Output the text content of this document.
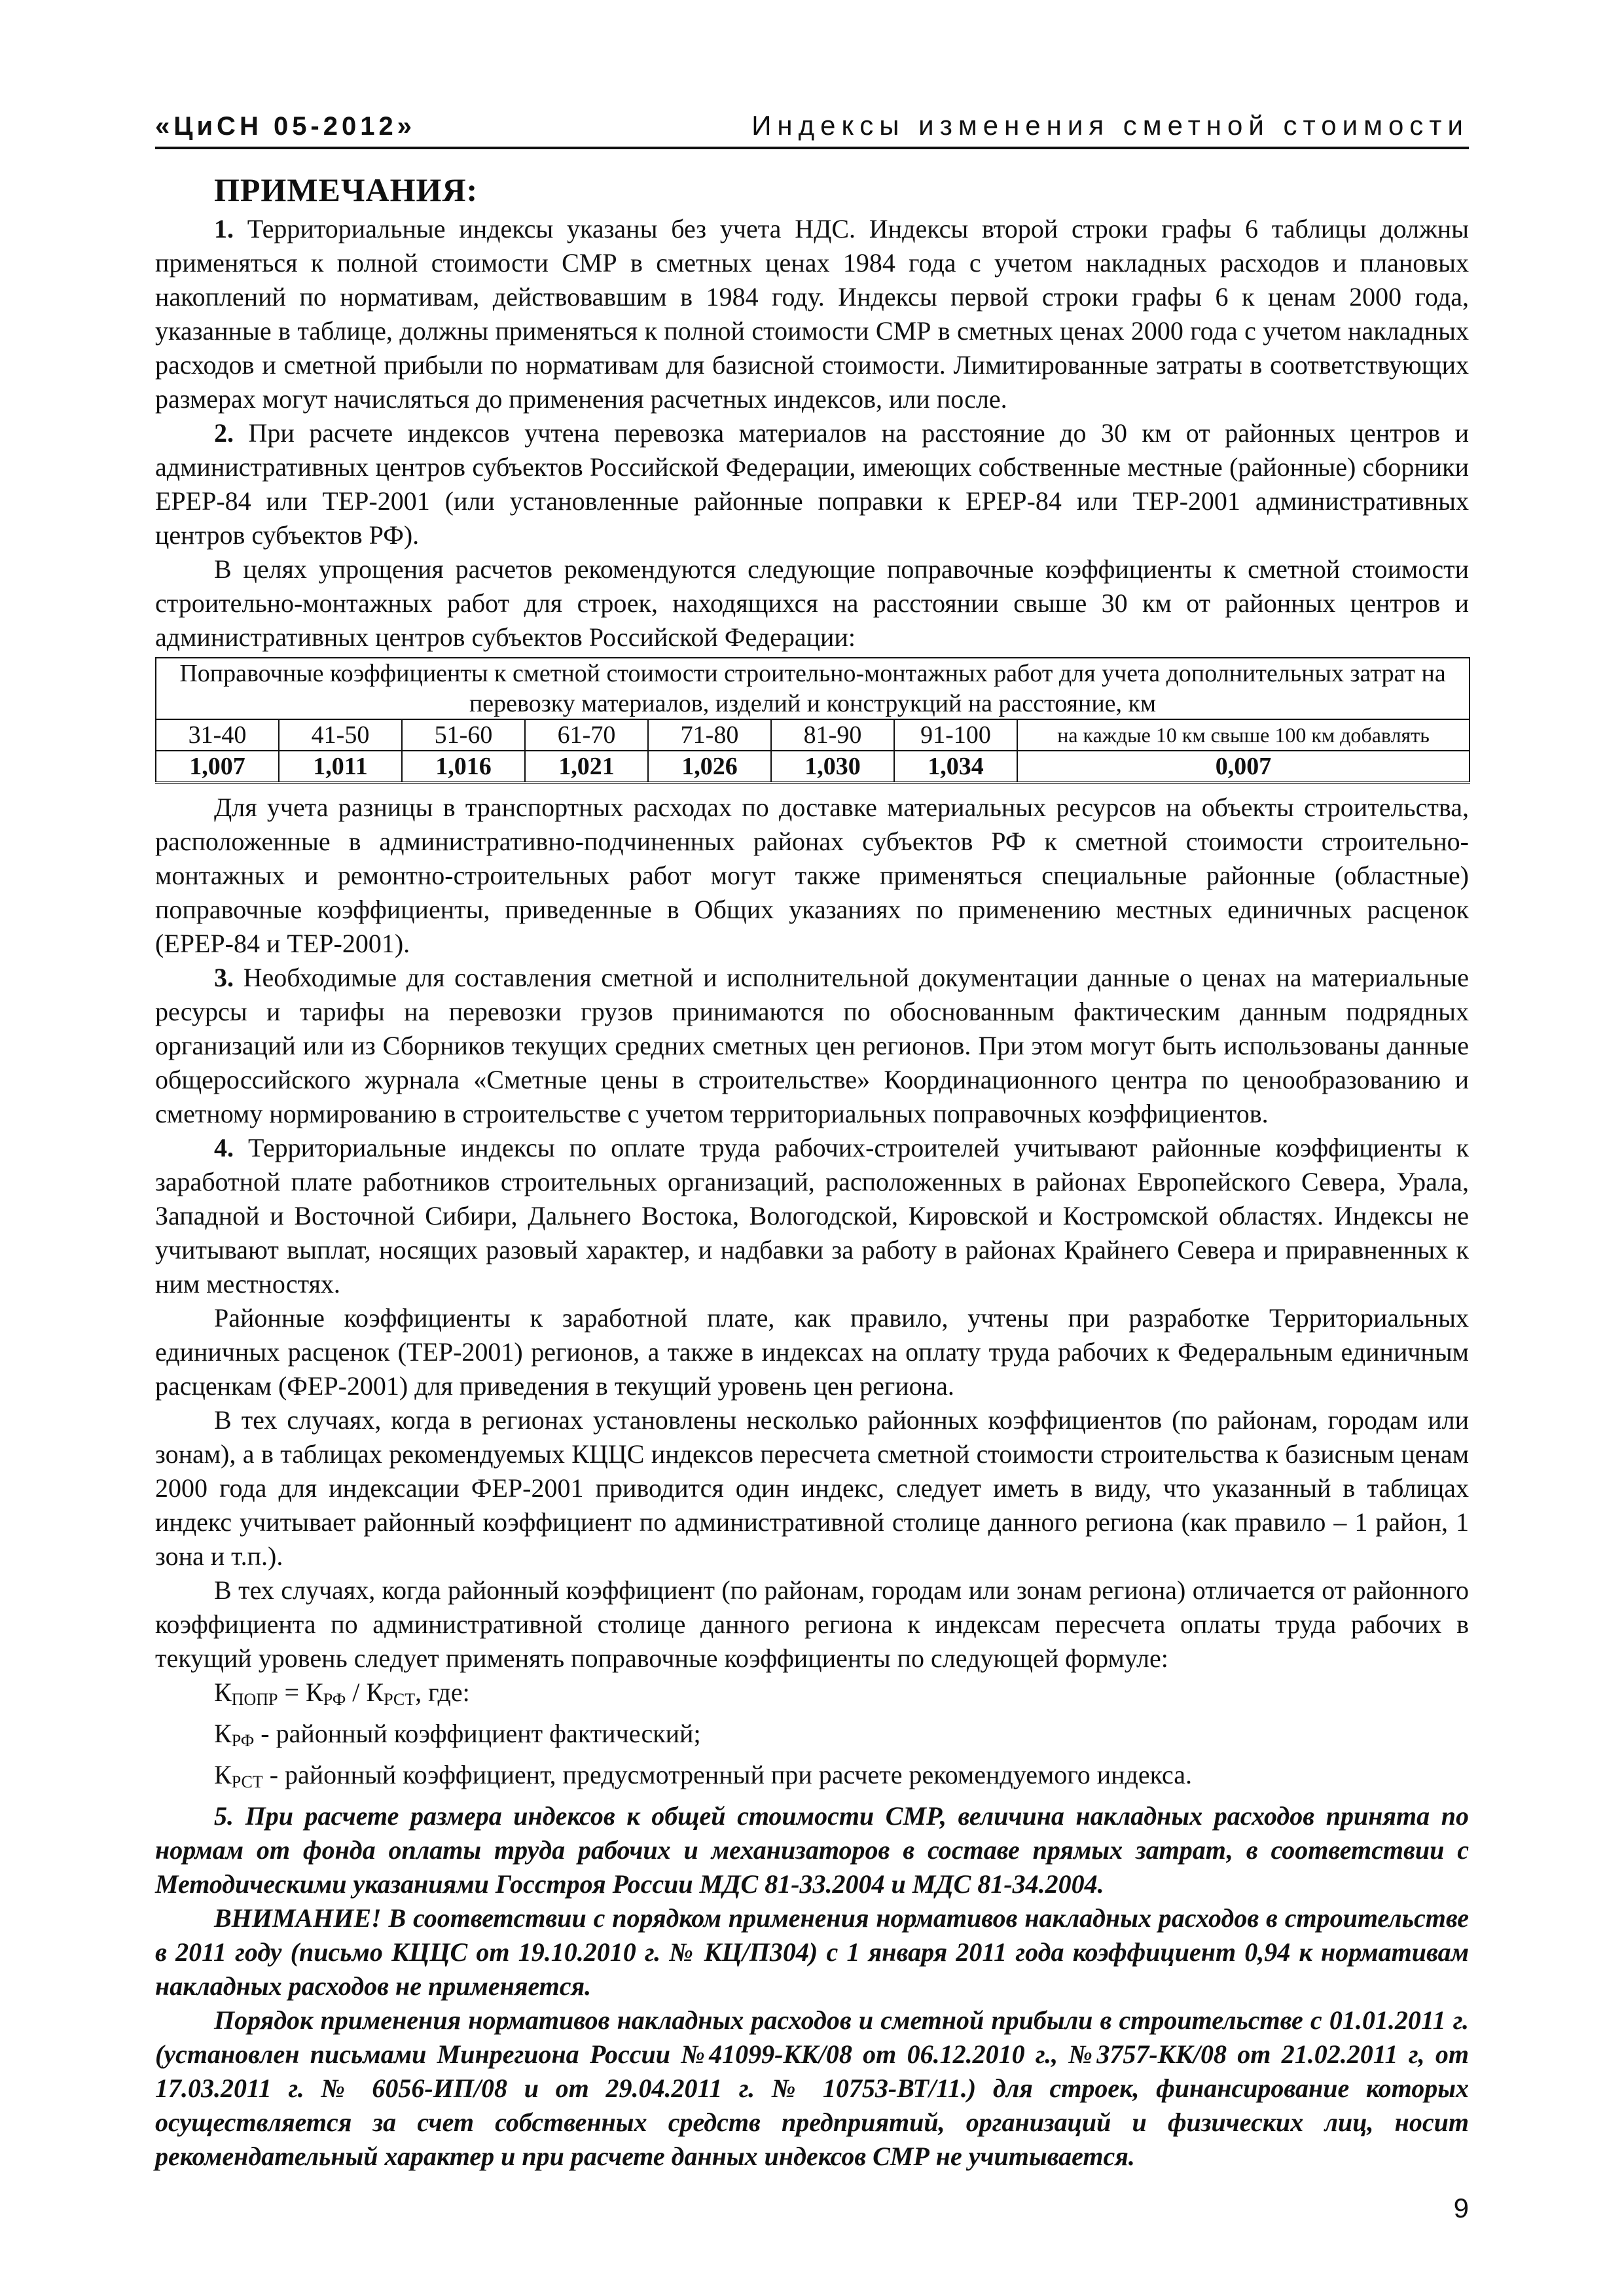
«ЦиСН 05-2012»	Индексы изменения сметной стоимости
ПРИМЕЧАНИЯ:

1. Территориальные индексы указаны без учета НДС. Индексы второй строки графы 6 таблицы должны применяться к полной стоимости СМР в сметных ценах 1984 года с учетом накладных расходов и плановых накоплений по нормативам, действовавшим в 1984 году. Индексы первой строки графы 6 к ценам 2000 года, указанные в таблице, должны применяться к полной стоимости СМР в сметных ценах 2000 года с учетом накладных расходов и сметной прибыли по нормативам для базисной стоимости. Лимитированные затраты в соответствующих размерах могут начисляться до применения расчетных индексов, или после.

2. При расчете индексов учтена перевозка материалов на расстояние до 30 км от районных центров и административных центров субъектов Российской Федерации, имеющих собственные местные (районные) сборники ЕРЕР-84 или ТЕР-2001 (или установленные районные поправки к ЕРЕР-84 или ТЕР-2001 административных центров субъектов РФ).

В целях упрощения расчетов рекомендуются следующие поправочные коэффициенты к сметной стоимости строительно-монтажных работ для строек, находящихся на расстоянии свыше 30 км от районных центров и административных центров субъектов Российской Федерации:

Поправочные коэффициенты к сметной стоимости строительно-монтажных работ для учета дополнительных затрат на перевозку материалов, изделий и конструкций на расстояние, км							
31-40	41-50	51-60	61-70	71-80	81-90	91-100	на каждые 10 км свыше 100 км добавлять
1,007	1,011	1,016	1,021	1,026	1,030	1,034	0,007

Для учета разницы в транспортных расходах по доставке материальных ресурсов на объекты строительства, расположенные в административно-подчиненных районах субъектов РФ к сметной стоимости строительно-монтажных и ремонтно-строительных работ могут также применяться специальные районные (областные) поправочные коэффициенты, приведенные в Общих указаниях по применению местных единичных расценок (ЕРЕР-84 и ТЕР-2001).

3. Необходимые для составления сметной и исполнительной документации данные о ценах на материальные ресурсы и тарифы на перевозки грузов принимаются по обоснованным фактическим данным подрядных организаций или из Сборников текущих средних сметных цен регионов. При этом могут быть использованы данные общероссийского журнала «Сметные цены в строительстве» Координационного центра по ценообразованию и сметному нормированию в строительстве с учетом территориальных поправочных коэффициентов.

4. Территориальные индексы по оплате труда рабочих-строителей учитывают районные коэффициенты к заработной плате работников строительных организаций, расположенных в районах Европейского Севера, Урала, Западной и Восточной Сибири, Дальнего Востока, Вологодской, Кировской и Костромской областях. Индексы не учитывают выплат, носящих разовый характер, и надбавки за работу в районах Крайнего Севера и приравненных к ним местностях.

Районные коэффициенты к заработной плате, как правило, учтены при разработке Территориальных единичных расценок (ТЕР-2001) регионов, а также в индексах на оплату труда рабочих к Федеральным единичным расценкам (ФЕР-2001) для приведения в текущий уровень цен региона.

В тех случаях, когда в регионах установлены несколько районных коэффициентов (по районам, городам или зонам), а в таблицах рекомендуемых КЦЦС индексов пересчета сметной стоимости строительства к базисным ценам 2000 года для индексации ФЕР-2001 приводится один индекс, следует иметь в виду, что указанный в таблицах индекс учитывает районный коэффициент по административной столице данного региона (как правило – 1 район, 1 зона и т.п.).

В тех случаях, когда районный коэффициент (по районам, городам или зонам региона) отличается от районного коэффициента по административной столице данного региона к индексам пересчета оплаты труда рабочих в текущий уровень следует применять поправочные коэффициенты по следующей формуле:

$К_{ПОПР} = К_{РФ} / К_{РСТ}$, где:

$К_{РФ}$ - районный коэффициент фактический;

$К_{РСТ}$ - районный коэффициент, предусмотренный при расчете рекомендуемого индекса.

5. При расчете размера индексов к общей стоимости СМР, величина накладных расходов принята по нормам от фонда оплаты труда рабочих и механизаторов в составе прямых затрат, в соответствии с Методическими указаниями Госстроя России МДС 81-33.2004 и МДС 81-34.2004.

ВНИМАНИЕ! В соответствии с порядком применения нормативов накладных расходов в строительстве в 2011 году (письмо КЦЦС от 19.10.2010 г. № КЦ/П304) с 1 января 2011 года коэффициент 0,94 к нормативам накладных расходов не применяется.

Порядок применения нормативов накладных расходов и сметной прибыли в строительстве с 01.01.2011 г. (установлен письмами Минрегиона России №41099-КК/08 от 06.12.2010 г., №3757-КК/08 от 21.02.2011 г, от 17.03.2011 г. № 6056-ИП/08 и от 29.04.2011 г. № 10753-ВТ/11.) для строек, финансирование которых осуществляется за счет собственных средств предприятий, организаций и физических лиц, носит рекомендательный характер и при расчете данных индексов СМР не учитывается.

9
